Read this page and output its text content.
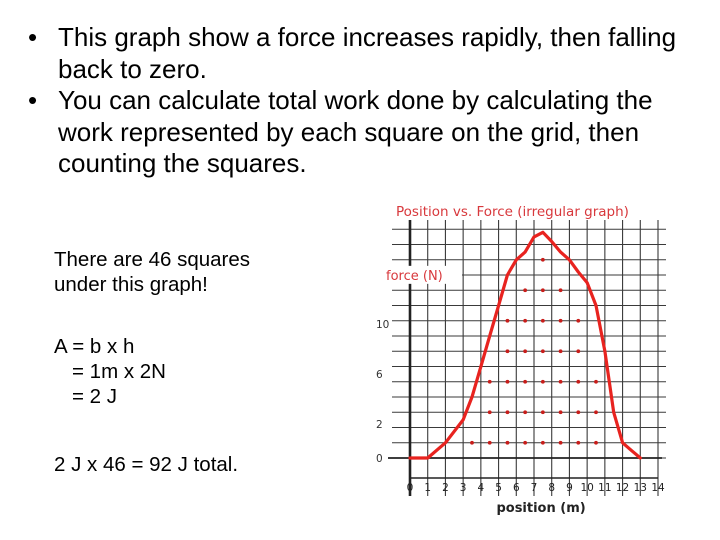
• This graph show a force increases rapidly, then falling back to zero.
• You can calculate total work done by calculating the work represented by each square on the grid, then counting the squares.

There are 46 squares
under this graph!

A = b x h
= 1m x 2N
= 2 J

2 J x 46 = 92 J total.

Position vs. Force (irregular graph)
force (N)
10
6
2
0
0 1 2 3 4 5 6 7 8 9 10 11 12 13 14
position (m)
